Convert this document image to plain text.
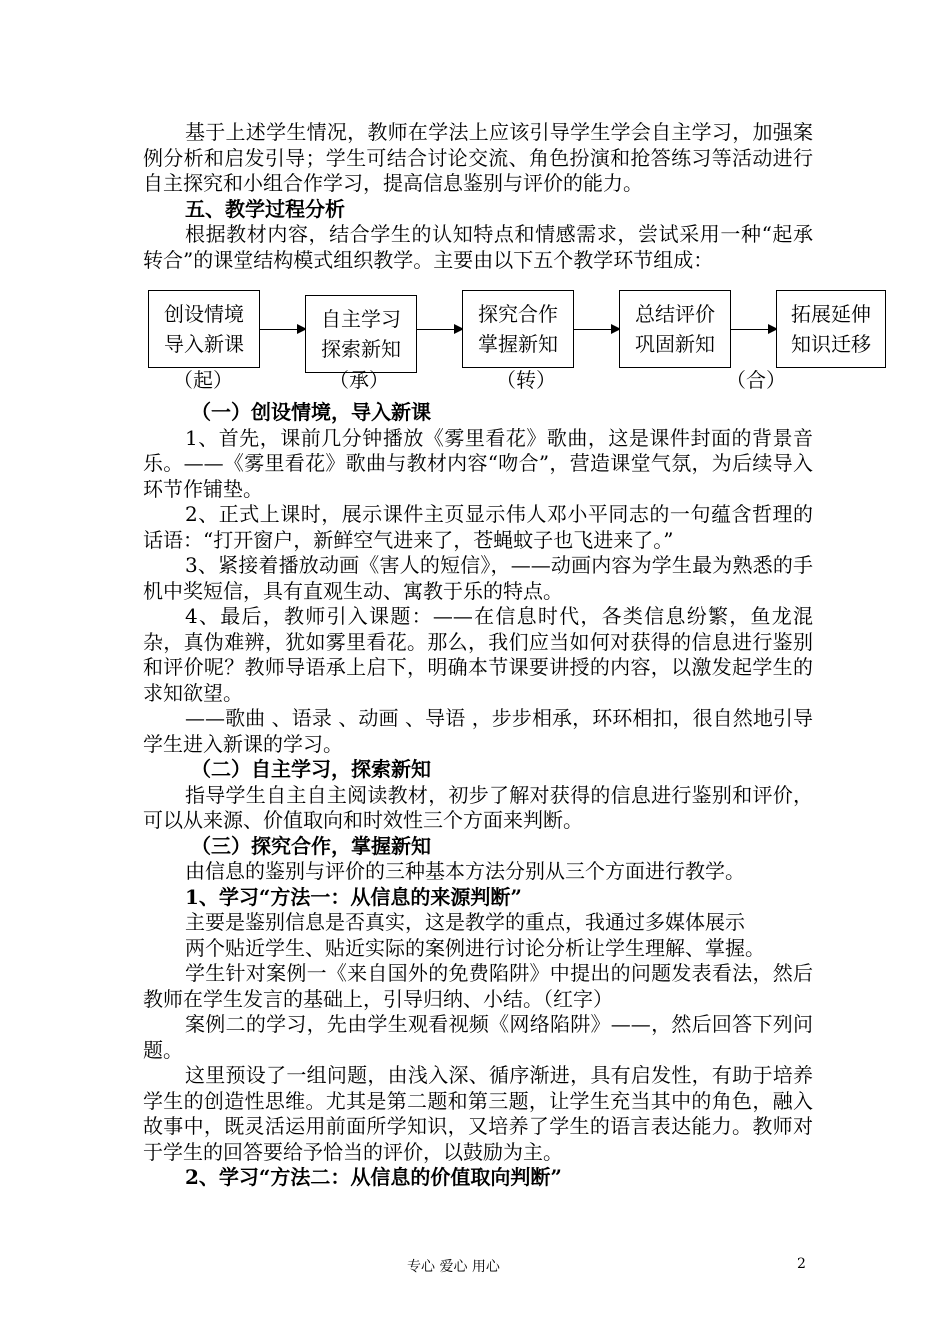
基于上述学生情况，教师在学法上应该引导学生学会自主学习，加强案例分析和启发引导；学生可结合讨论交流、角色扮演和抢答练习等活动进行自主探究和小组合作学习，提高信息鉴别与评价的能力。

五、教学过程分析

根据教材内容，结合学生的认知特点和情感需求，尝试采用一种“起承转合”的课堂结构模式组织教学。主要由以下五个教学环节组成：

创设情境
导入新课
自主学习
探索新知
探究合作
掌握新知
总结评价
巩固新知
拓展延伸
知识迁移
（起）	（承）	（转）	（合）

（一）创设情境，导入新课

1、首先，课前几分钟播放《雾里看花》歌曲，这是课件封面的背景音乐。——《雾里看花》歌曲与教材内容“吻合”，营造课堂气氛，为后续导入环节作铺垫。

2、正式上课时，展示课件主页显示伟人邓小平同志的一句蕴含哲理的话语：“打开窗户，新鲜空气进来了，苍蝇蚊子也飞进来了。”

3、紧接着播放动画《害人的短信》，——动画内容为学生最为熟悉的手机中奖短信，具有直观生动、寓教于乐的特点。

4、最后，教师引入课题：——在信息时代，各类信息纷繁，鱼龙混杂，真伪难辨，犹如雾里看花。那么，我们应当如何对获得的信息进行鉴别和评价呢？教师导语承上启下，明确本节课要讲授的内容，以激发起学生的求知欲望。

——歌曲 、语录 、动画 、导语 ，步步相承，环环相扣，很自然地引导学生进入新课的学习。

（二）自主学习，探索新知

指导学生自主自主阅读教材，初步了解对获得的信息进行鉴别和评价，可以从来源、价值取向和时效性三个方面来判断。

（三）探究合作，掌握新知

由信息的鉴别与评价的三种基本方法分别从三个方面进行教学。

1、学习“方法一：从信息的来源判断”

主要是鉴别信息是否真实，这是教学的重点，我通过多媒体展示

两个贴近学生、贴近实际的案例进行讨论分析让学生理解、掌握。

学生针对案例一《来自国外的免费陷阱》中提出的问题发表看法，然后教师在学生发言的基础上，引导归纳、小结。（红字）

案例二的学习，先由学生观看视频《网络陷阱》——，然后回答下列问题。

这里预设了一组问题，由浅入深、循序渐进，具有启发性，有助于培养学生的创造性思维。尤其是第二题和第三题，让学生充当其中的角色，融入故事中，既灵活运用前面所学知识，又培养了学生的语言表达能力。教师对于学生的回答要给予恰当的评价，以鼓励为主。

2、学习“方法二：从信息的价值取向判断”

专心 爱心 用心	2
